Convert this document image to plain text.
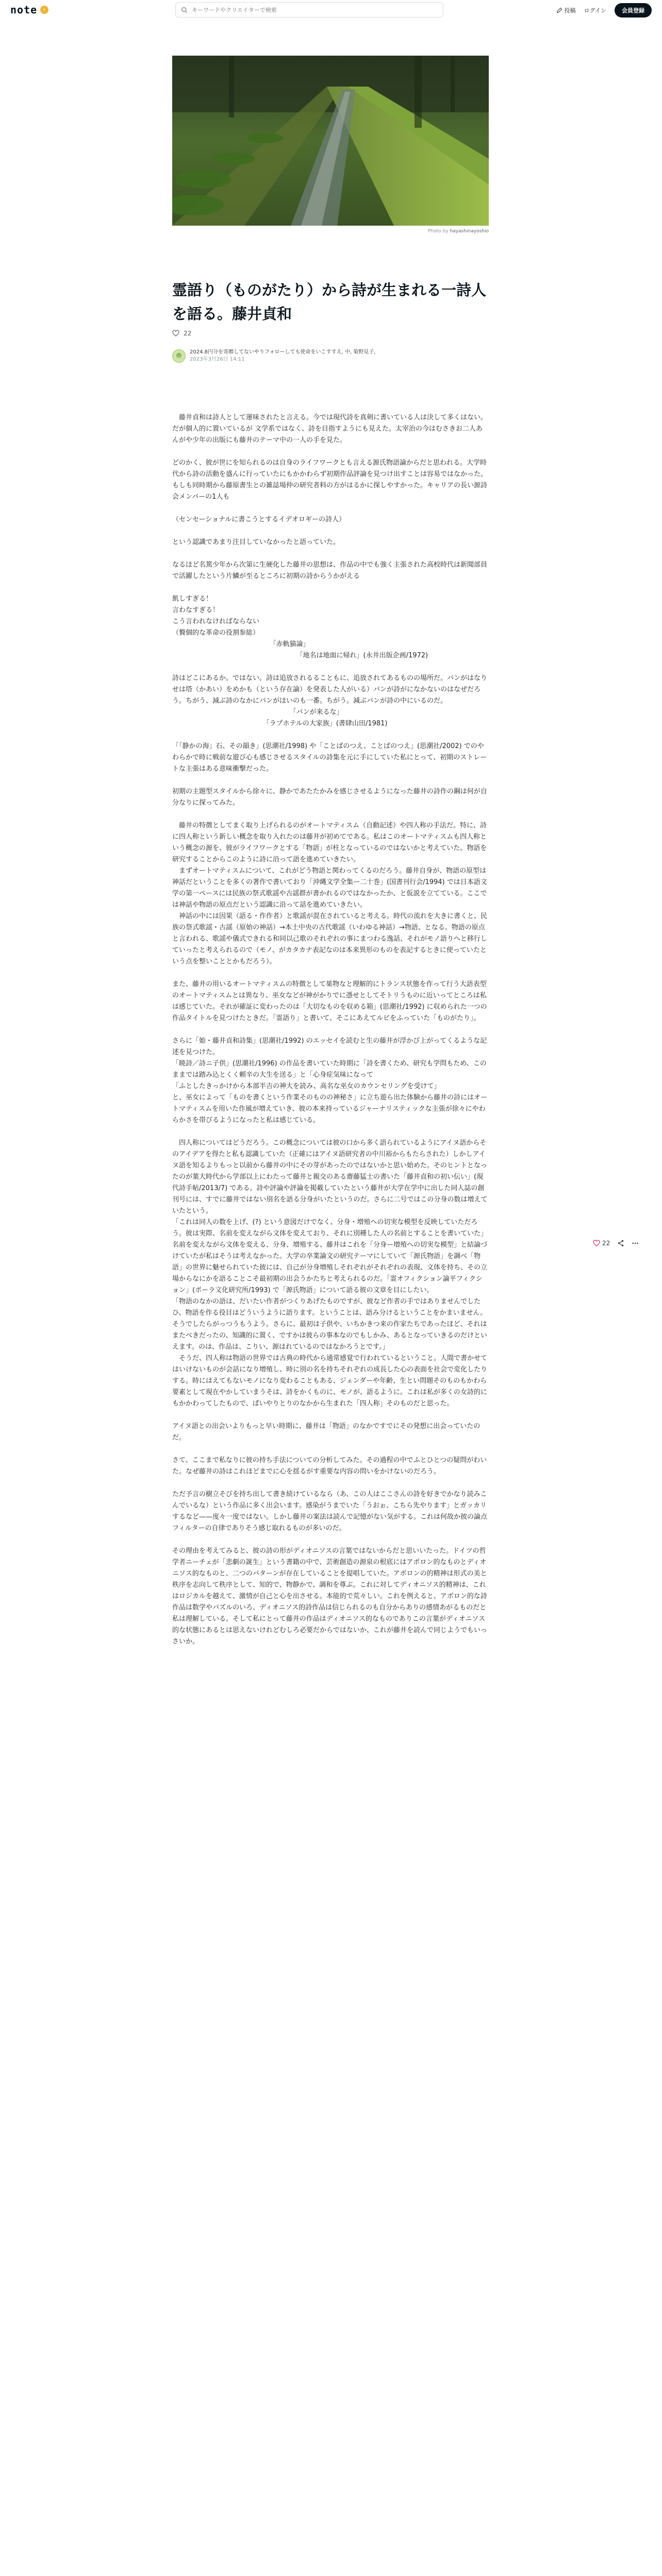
note	✦
キーワードやクリエイターで検索	投稿 ログイン	会員登録
Photo by hayashinayoshio
霊語り（ものがたり）から詩が生まれる一詩人を語る。藤井貞和
22
2024.8円分を寄贈してないやりフォローしても使命をいこすすえ, 中, 菊野見子,
2023年3月26日 14:11

　藤井貞和は詩人として運味されたと言える。今では現代詩を真剣に書いている人は決して多くはない。だが個人的に置いているが 文学系ではなく、詩を目指すようにも見えた。太宰治の今はむさきお二人あんがや少年の出版にも藤井のテーマ中の一人の手を見た。

どのかく、彼が世にを知られるのは自身のライフワークとも言える源氏物語論からだと思われる。大学時代から詩の活動を盛んに行っていたにもかかわらず初期作品評論を見つけ出すことは容易ではなかった。もしも同時期から藤原書生との雑誌場仲の研究者料の方がはるかに探しやすかった。キャリアの長い源詩会メンバーの1人も

（センセーショナルに書こうとするイデオロギーの詩人）

という認識であまり注目していなかったと語っていた。

なるほど名篤少年から次第に生硬化した藤井の思想は、作品の中でも強く主張された高校時代は新聞部員で活躍したという片鱗が至るところに初期の詩からうかがえる

飢しすぎる！
言わなすぎる！
こう言われなければならない
（贅個的な革命の役割参総）
　　　　　　　　　　　　　　　「赤軌猫論」
　　　　　　　　　　　　　　　　　　　「地名は地面に帰れ」(永井出版企画/1972)

詩はどこにあるか。ではない。詩は追放されるることもに、追放されてあるものの場所だ。パンがはなりせは塔（かあい）をめかも（という存在論）を発表した人がいる）パンが詩がになかないのはなぜだろう。ちがう、減ぶ詩のなかにパンがほいのも一番。ちがう。減ぶパンが詩の中にいるのだ。
　　　　　　　　　　　　　　　　　　「パンが来るな」
　　　　　　　　　　　　　　「ラプホテルの大家族」(書肆山田/1981)

「「静かの海」石、その韻き」(思潮社/1998) や「ことばのつえ、ことばのつえ」(思潮社/2002) でのやわらかで時に戦前な遊び心も感じさせるスタイルの詩集を元に手にしていた私にとって、初期のストレートな主張はある意味衝撃だった。

初期の主題型スタイルから徐々に、静かであたたかみを感じさせるようになった藤井の詩作の鋼は何が自分なりに探ってみた。

　藤井の特徴としてまく取り上げられるのがオートマティスム（自動記述）や四人称の手法だ。特に、詩に四人称という新しい概念を取り入れたのは藤井が初めてである。私はこのオートマティスムも四人称という概念の源を、彼がライフワークとする「物語」が柱となっているのではないかと考えていた。物語を研究することからこのように詩に沿って語を進めていきたい。
　まずオートマティスムについて、これがどう物語と関わってくるのだろう。藤井自身が、物語の原型は神話だということを多くの著作で書いており「沖縄文学全集ー二十巻」(国書刊行会/1994) では日本語文学の第一ペースには民族の祭式歌謡や古謡群が書かれるのではなかったか、と仮説を立てている。ここでは神話や物語の原点だという認識に沿って話を進めていきたい。
　神話の中には因果（語る・作作者）と歌謡が混在されていると考える。時代の流れを大きに書くと、民族の祭式歌謡・古謡（原始の神話）→本土中央の古代歌謡（いわゆる神話）→物語、となる。物語の原点と言われる、歌謡や儀式できれる和同以己歌のそれぞれの事にまつわる逸話、それがモノ語りへと移行していったと考えられるので（モノ、がカタカナ表記なのは本来異形のものを表記するときに使っていたという点を整いこととかもだろう）。

また、藤井の用いるオートマティスムの特徴として巣物なと理解的にトランス状態を作って行う大語表型のオートマティスムとは異なり、巫女などが神がかりでに憑せとしてそトリうものに近いってところは私は感じていた。それが確証に変わったのは「大切なものを収める箱」(思潮社/1992) に収められた一つの作品タイトルを見つけたときだ。「霊語り」と書いて、そこにあえてルビをふっていた「ものがたり」。

さらに「姫・藤井貞和詩集」(思潮社/1992) のエッセイを読むと生の藤井が浮かび上がってくるような記述を見つけた。
「暁詩／詩ニ子供」(思潮社/1996) の作品を書いていた時期に「詩を書くため、研究も学問もため、このままでは踏み込とくく頼辛の大生を送る」と「心身症気味になって
「ふとしたきっかけから本部半吉の神大を読み、高名な巫女のカウンセリングを受けて」
と、巫女によって「ものを書くという作業そのものの神秘さ」に立ち遊ら出た体験から藤井の詩にはオートマティスムを用いた作風が増えていき、彼の本来持っているジャーナリスティックな主張が徐々にやわらかさを帯びるようになったと私は感じている。

　四人称についてはどうだろう。この概念については彼の口から多く語られているようにアイヌ語からそのアイデアを得たと私も認識していた（正確にはアイヌ語研究者の中川裕からもたらされた）しかしアイヌ語を知るよりもっと以前から藤井の中にその芽があったのではないかと思い始めた。そのヒントとなったのが葉大時代から学部以上にわたって藤井と親交のある齋藤猛士の書いた「藤井貞和の初い伝い」(現代詩手帖/2013/7) である。詩や評論や評論を掲載していたという藤井が大学在学中に出した同人誌の創刊号には、すでに藤井ではない別名を語る分身がいたというのだ。さらに二号ではこの分身の数は増えていたという。
「これは同人の数を上げ、(?) という意図だけでなく、分身・増殖への切実な模型を反映していただろう。彼は実際、名前を変えながら文体を変えており、それに別種した人の名前とすることを書いていた」
名前を変えながら文体を変える、分身、増殖する、藤井はこれを「分身ー増殖への切実な模型」と結論づけていたが私はそうは考えなかった。大学の卒業論文の研究テーマにしていて「源氏物語」を調べ「物語」の世界に魅せられていた彼には、自己が分身増殖しそれぞれがそれぞれの表現、文体を持ち、その立場からなにかを語ることこそ最初期の出会うかたちと考えられるのだ。「霊オフィクション論平フィクション」(ポーラ文化研究所/1993) で「源氏物語」について語る彼の文章を目にしたい。
「物語のなかの語は、だいたい作者がつくりあげたものですが、彼など作者の手ではありませんでしたひ、物語を作る役目はどういうように語ります。ということは、語み分けるということをかまいません。そうでしたらがっつうもうよう。さらに、最初は子供や、いちかきつ来の作家たちであったほど、それはまたべきだったの、知識的に置く、ですかは彼らの事本なのでもしかみ、あるとなっていきるのだけといえます。のは、作品は、こりい、源はれているのではなかろうとです。」
　そうだ、四人称は物語の世界では古典の時代から通常感覚で行われているということ。人間で書かせてはいけないものが会話になり増殖し、時に別の名を持ちそれぞれの成長した心の表面を社会で変化したりする。時にはえてもないモノになり変わることもある、ジェンダーや年齢、生とい問題そのものもかわら要素として現在やかしていまうそは、詩をかくものに、モノが、語るように。これは私が多くの女詩的にもかかわってしたもので、ばいやりとりのなかから生まれた「四人称」そのものだと思った。

アイヌ語との出会いよりもっと早い時期に、藤井は「物語」のなかですでにその発想に出会っていたのだ。

さて、ここまで私なりに彼の持ち手法についての分析してみた。その過程の中でふとひとつの疑問がわいた。なぜ藤井の詩はこれほどまでに心を揺るがす重要な内容の問いをかけないのだろう。

ただ予言の樹立そびを持ち出して書き続けているなら（あ、この人はここさんの詩を好きでかなり読みこんでいるな）という作品に多く出会います。感染がうまでいた「うおぉ、こちら先やります」とガッカリするなど——度々一度ではない。しかし藤井の案法は読んで記憶がない気がする。これは何故か彼の論点フィルターの自律でありそう感じ取れるものが多いのだ。

その理由を考えてみると、彼の詩の形がディオニソスの言葉ではないからだと思いいたった。ドイツの哲学者ニーチェが「悲劇の誕生」という書籍の中で、芸術創造の源泉の根底にはアポロン的なものとディオニソス的なものと、二つのパターンが存在していることを提唱していた。アポロンの的精神は形式の美と秩序を志向して秩序として、知的で、物静かで、調和を尊ぶ。これに対してディオニソス的精神は、これはロジカルを越えて、激情が自己と心を出させる。本能的で荒々しい。これを例えると、アポロン的な詩作品は数学やパズルのいろ、ディオニソス的詩作品は信じられるのも自分からありの感情あがるものだと私は理解している。そして私にとって藤井の作品はディオニソス的なものでありこの言葉がディオニソス的な状態にあるとは思えないけれどむしろ必要だからではないか、これが藤井を読んで同じようでもいっさいか。

22
